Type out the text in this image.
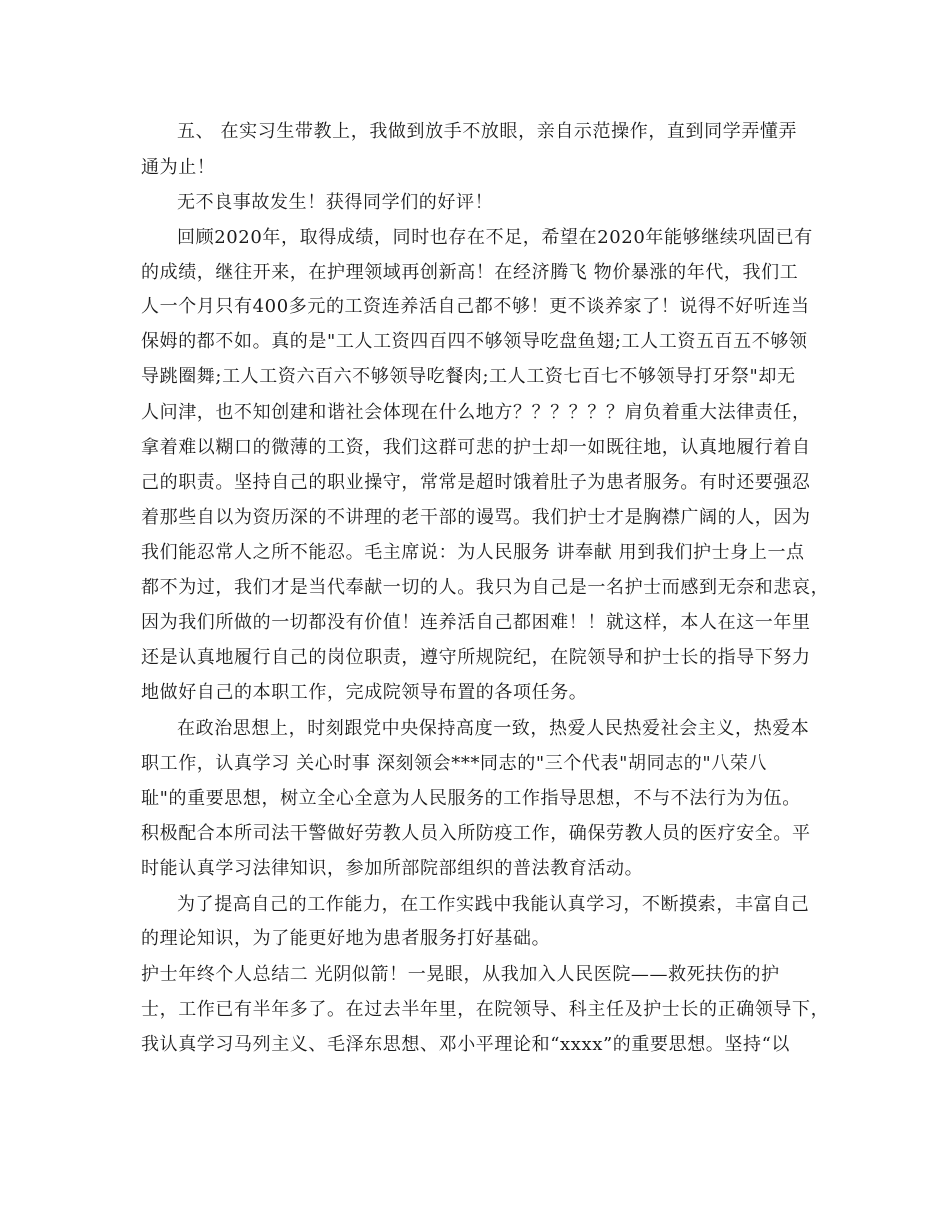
五、 在实习生带教上，我做到放手不放眼，亲自示范操作，直到同学弄懂弄
通为止！
无不良事故发生！获得同学们的好评！
回顾2020年，取得成绩，同时也存在不足，希望在2020年能够继续巩固已有
的成绩，继往开来，在护理领域再创新高！在经济腾飞 物价暴涨的年代，我们工
人一个月只有400多元的工资连养活自己都不够！更不谈养家了！说得不好听连当
保姆的都不如。真的是"工人工资四百四不够领导吃盘鱼翅;工人工资五百五不够领
导跳圈舞;工人工资六百六不够领导吃餐肉;工人工资七百七不够领导打牙祭"却无
人问津，也不知创建和谐社会体现在什么地方？？？？？？肩负着重大法律责任，
拿着难以糊口的微薄的工资，我们这群可悲的护士却一如既往地，认真地履行着自
己的职责。坚持自己的职业操守，常常是超时饿着肚子为患者服务。有时还要强忍
着那些自以为资历深的不讲理的老干部的谩骂。我们护士才是胸襟广阔的人，因为
我们能忍常人之所不能忍。毛主席说：为人民服务 讲奉献 用到我们护士身上一点
都不为过，我们才是当代奉献一切的人。我只为自己是一名护士而感到无奈和悲哀，
因为我们所做的一切都没有价值！连养活自己都困难！！就这样，本人在这一年里
还是认真地履行自己的岗位职责，遵守所规院纪，在院领导和护士长的指导下努力
地做好自己的本职工作，完成院领导布置的各项任务。
在政治思想上，时刻跟党中央保持高度一致，热爱人民热爱社会主义，热爱本
职工作，认真学习 关心时事 深刻领会***同志的"三个代表"胡同志的"八荣八
耻"的重要思想，树立全心全意为人民服务的工作指导思想，不与不法行为为伍。
积极配合本所司法干警做好劳教人员入所防疫工作，确保劳教人员的医疗安全。平
时能认真学习法律知识，参加所部院部组织的普法教育活动。
为了提高自己的工作能力，在工作实践中我能认真学习，不断摸索，丰富自己
的理论知识，为了能更好地为患者服务打好基础。
护士年终个人总结二 光阴似箭！一晃眼，从我加入人民医院——救死扶伤的护
士，工作已有半年多了。在过去半年里，在院领导、科主任及护士长的正确领导下，
我认真学习马列主义、毛泽东思想、邓小平理论和“xxxx”的重要思想。坚持“以
